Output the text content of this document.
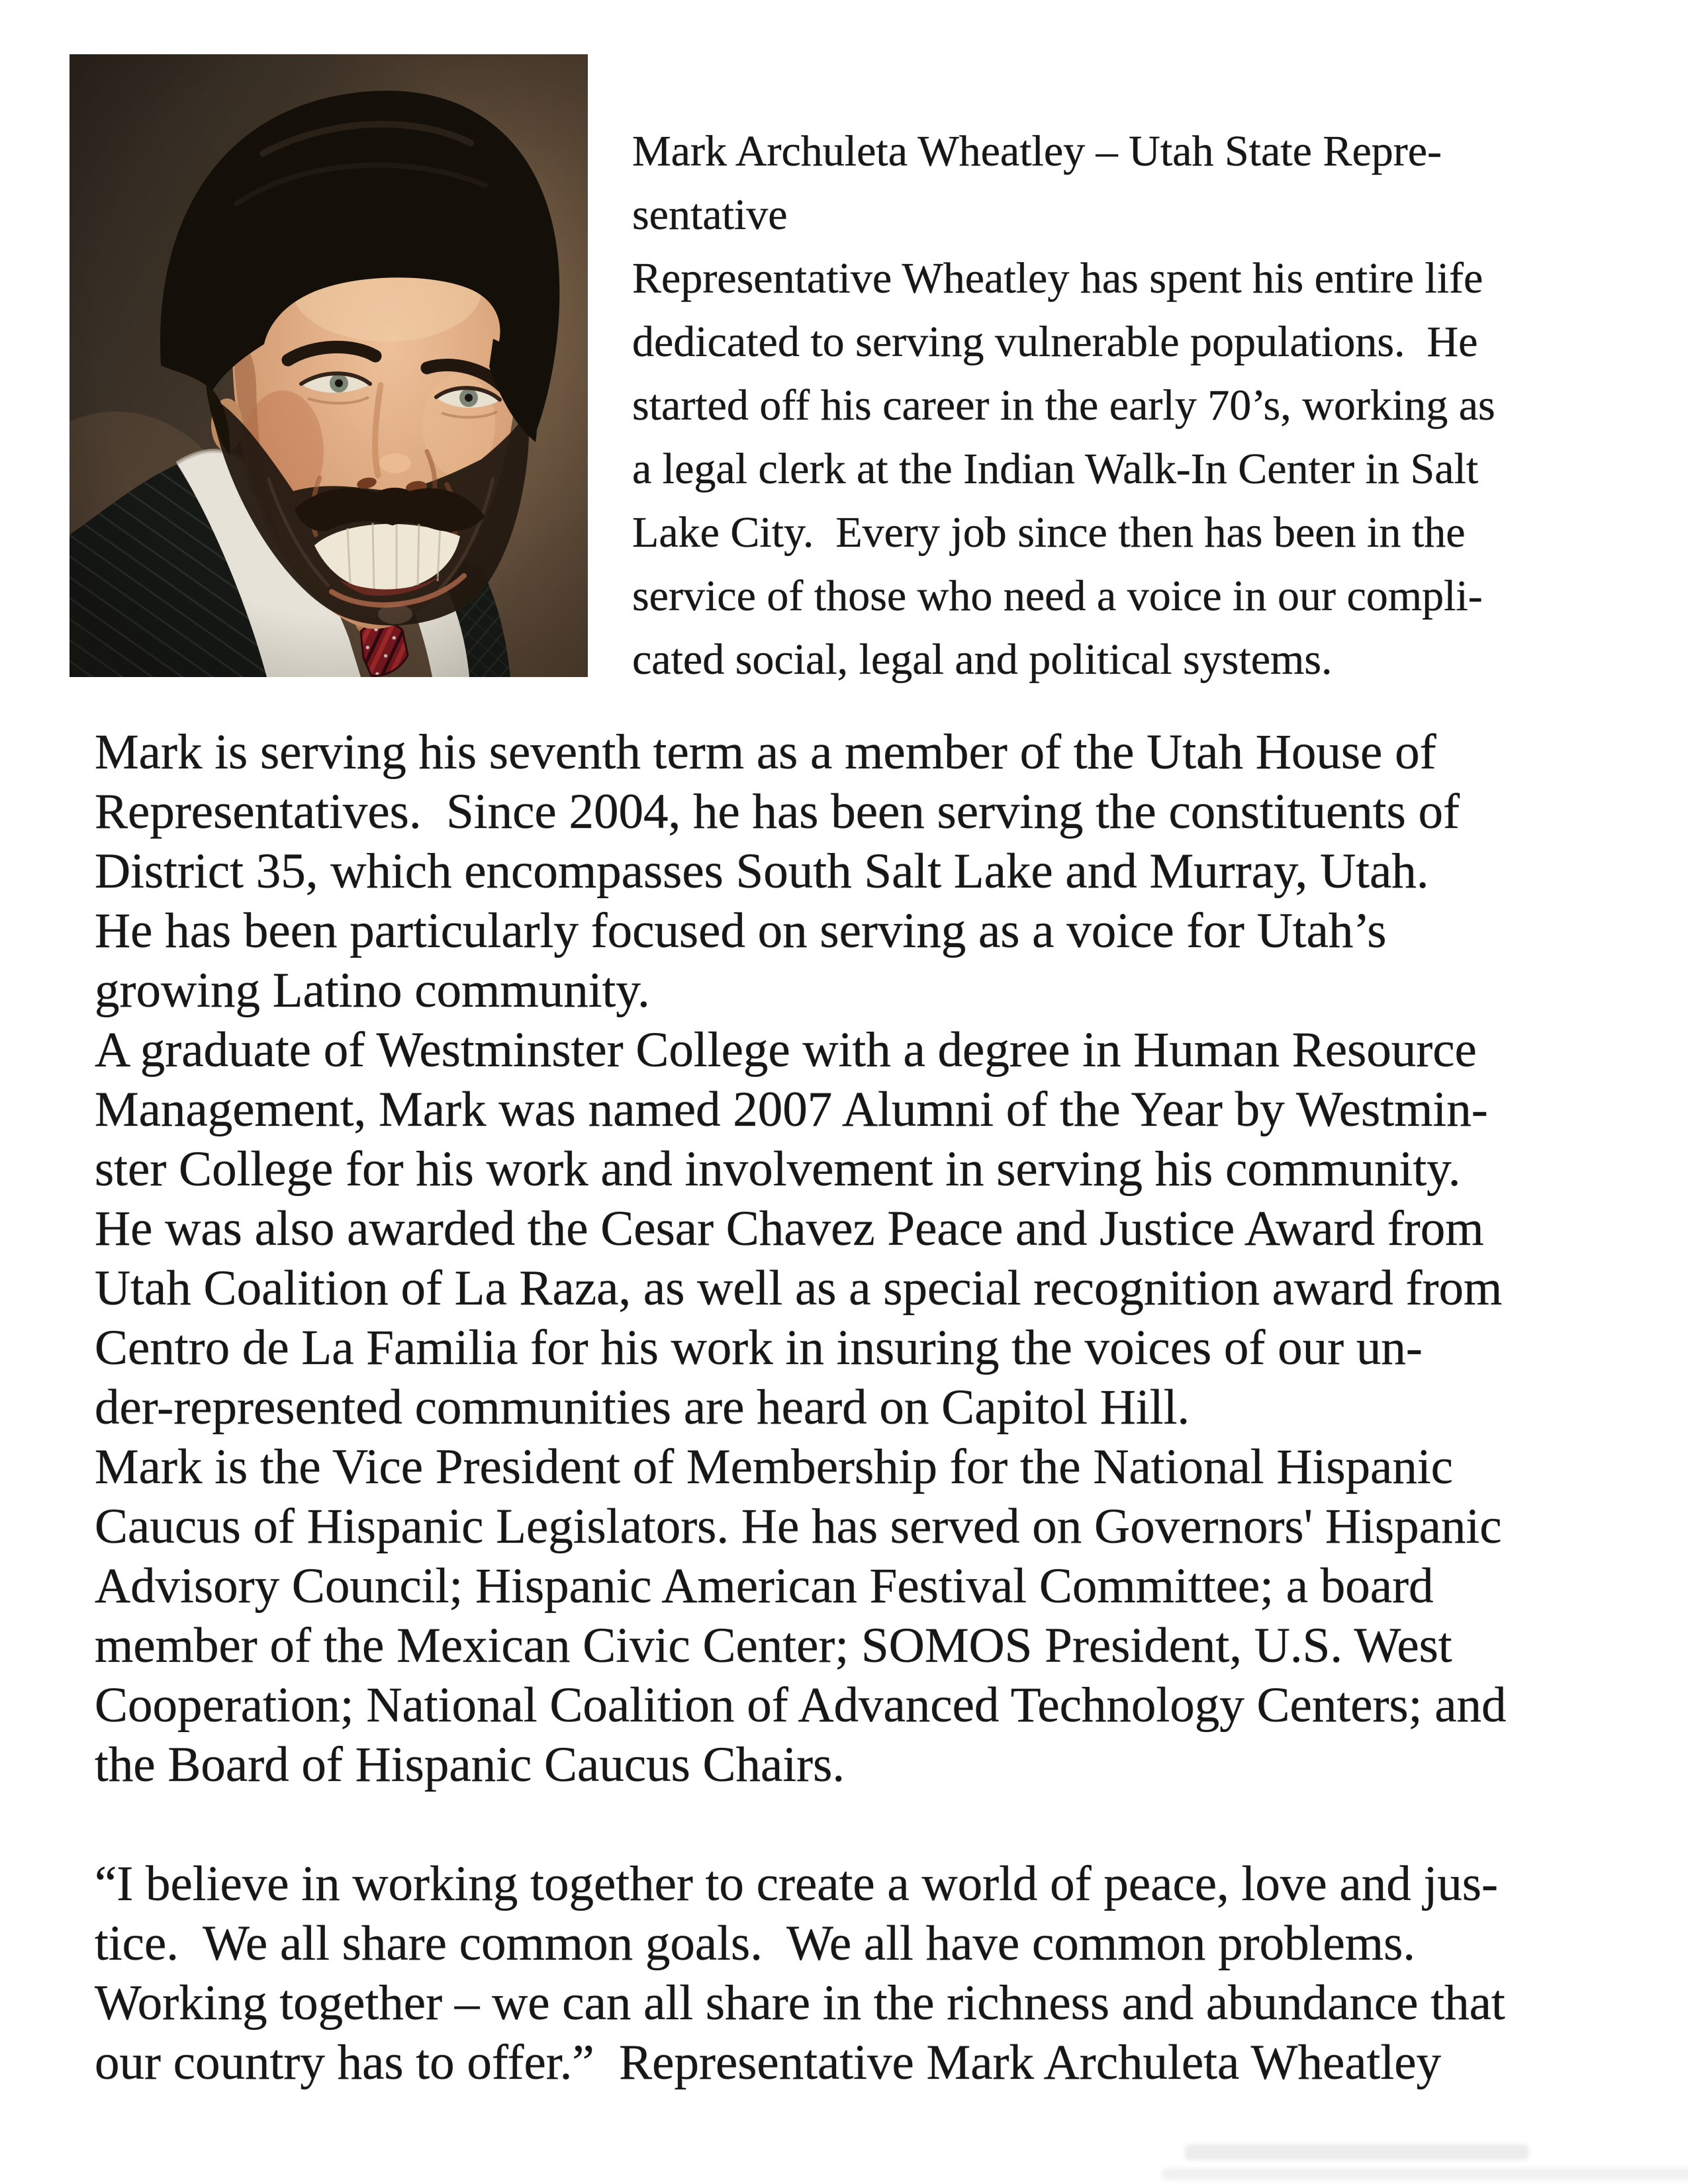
Mark Archuleta Wheatley – Utah State Repre-
sentative
Representative Wheatley has spent his entire life
dedicated to serving vulnerable populations.  He
started off his career in the early 70’s, working as
a legal clerk at the Indian Walk-In Center in Salt
Lake City.  Every job since then has been in the
service of those who need a voice in our compli-
cated social, legal and political systems.
Mark is serving his seventh term as a member of the Utah House of
Representatives.  Since 2004, he has been serving the constituents of
District 35, which encompasses South Salt Lake and Murray, Utah.
He has been particularly focused on serving as a voice for Utah’s
growing Latino community.
A graduate of Westminster College with a degree in Human Resource
Management, Mark was named 2007 Alumni of the Year by Westmin-
ster College for his work and involvement in serving his community.
He was also awarded the Cesar Chavez Peace and Justice Award from
Utah Coalition of La Raza, as well as a special recognition award from
Centro de La Familia for his work in insuring the voices of our un-
der-represented communities are heard on Capitol Hill.
Mark is the Vice President of Membership for the National Hispanic
Caucus of Hispanic Legislators. He has served on Governors' Hispanic
Advisory Council; Hispanic American Festival Committee; a board
member of the Mexican Civic Center; SOMOS President, U.S. West
Cooperation; National Coalition of Advanced Technology Centers; and
the Board of Hispanic Caucus Chairs.
“I believe in working together to create a world of peace, love and jus-
tice.  We all share common goals.  We all have common problems.
Working together – we can all share in the richness and abundance that
our country has to offer.”  Representative Mark Archuleta Wheatley
